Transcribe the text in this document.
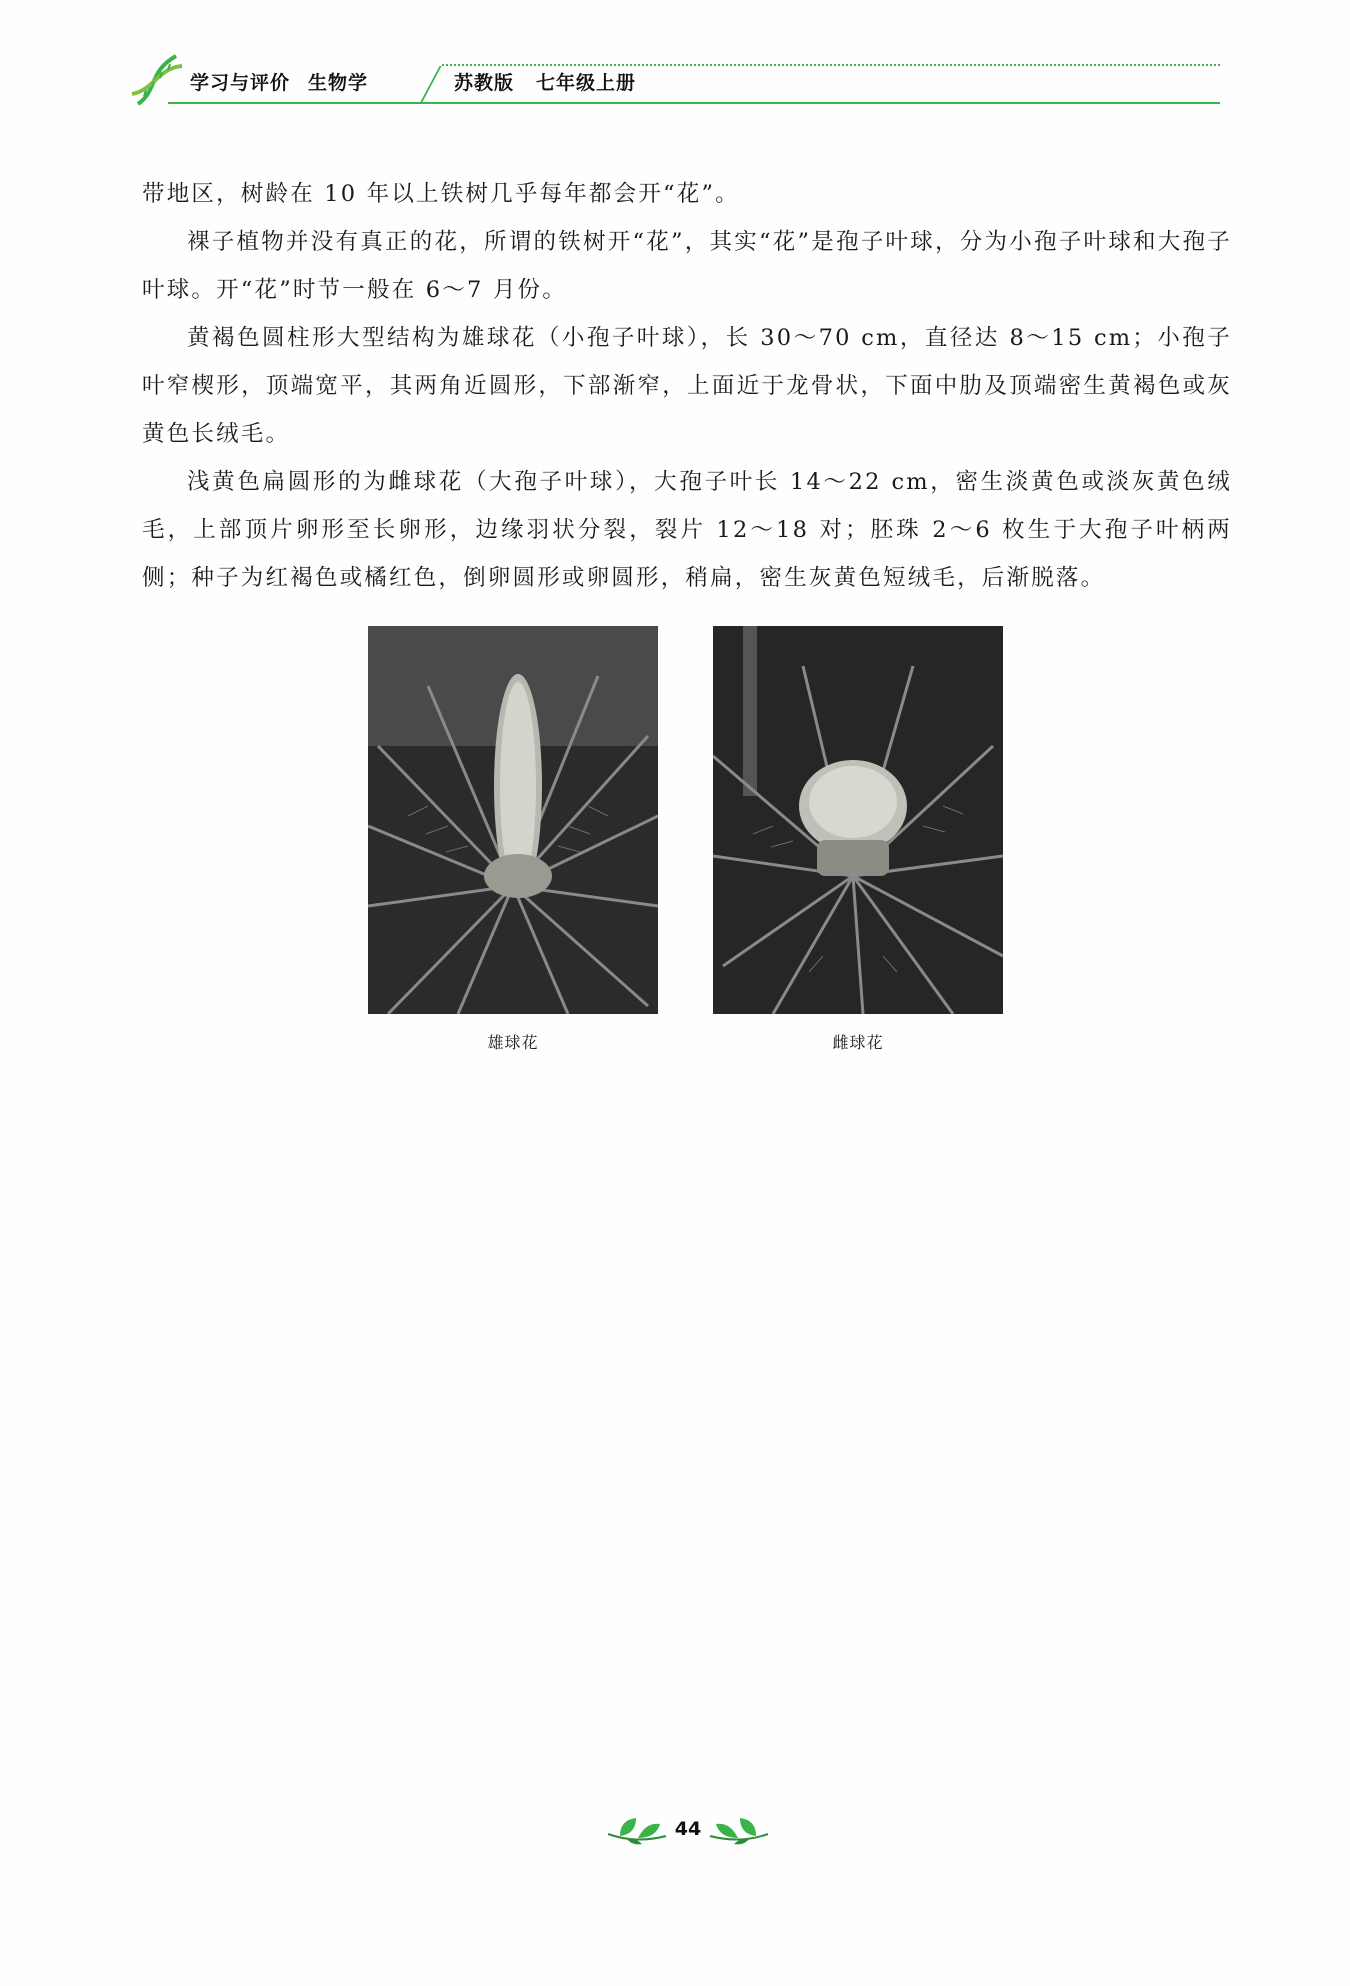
学习与评价 生物学	苏教版 七年级上册

带地区，树龄在 10 年以上铁树几乎每年都会开“花”。

裸子植物并没有真正的花，所谓的铁树开“花”，其实“花”是孢子叶球，分为小孢子叶球和大孢子叶球。开“花”时节一般在 6～7 月份。

黄褐色圆柱形大型结构为雄球花（小孢子叶球），长 30～70 cm，直径达 8～15 cm；小孢子叶窄楔形，顶端宽平，其两角近圆形，下部渐窄，上面近于龙骨状，下面中肋及顶端密生黄褐色或灰黄色长绒毛。

浅黄色扁圆形的为雌球花（大孢子叶球），大孢子叶长 14～22 cm，密生淡黄色或淡灰黄色绒毛，上部顶片卵形至长卵形，边缘羽状分裂，裂片 12～18 对；胚珠 2～6 枚生于大孢子叶柄两侧；种子为红褐色或橘红色，倒卵圆形或卵圆形，稍扁，密生灰黄色短绒毛，后渐脱落。

雄球花	雌球花
44
